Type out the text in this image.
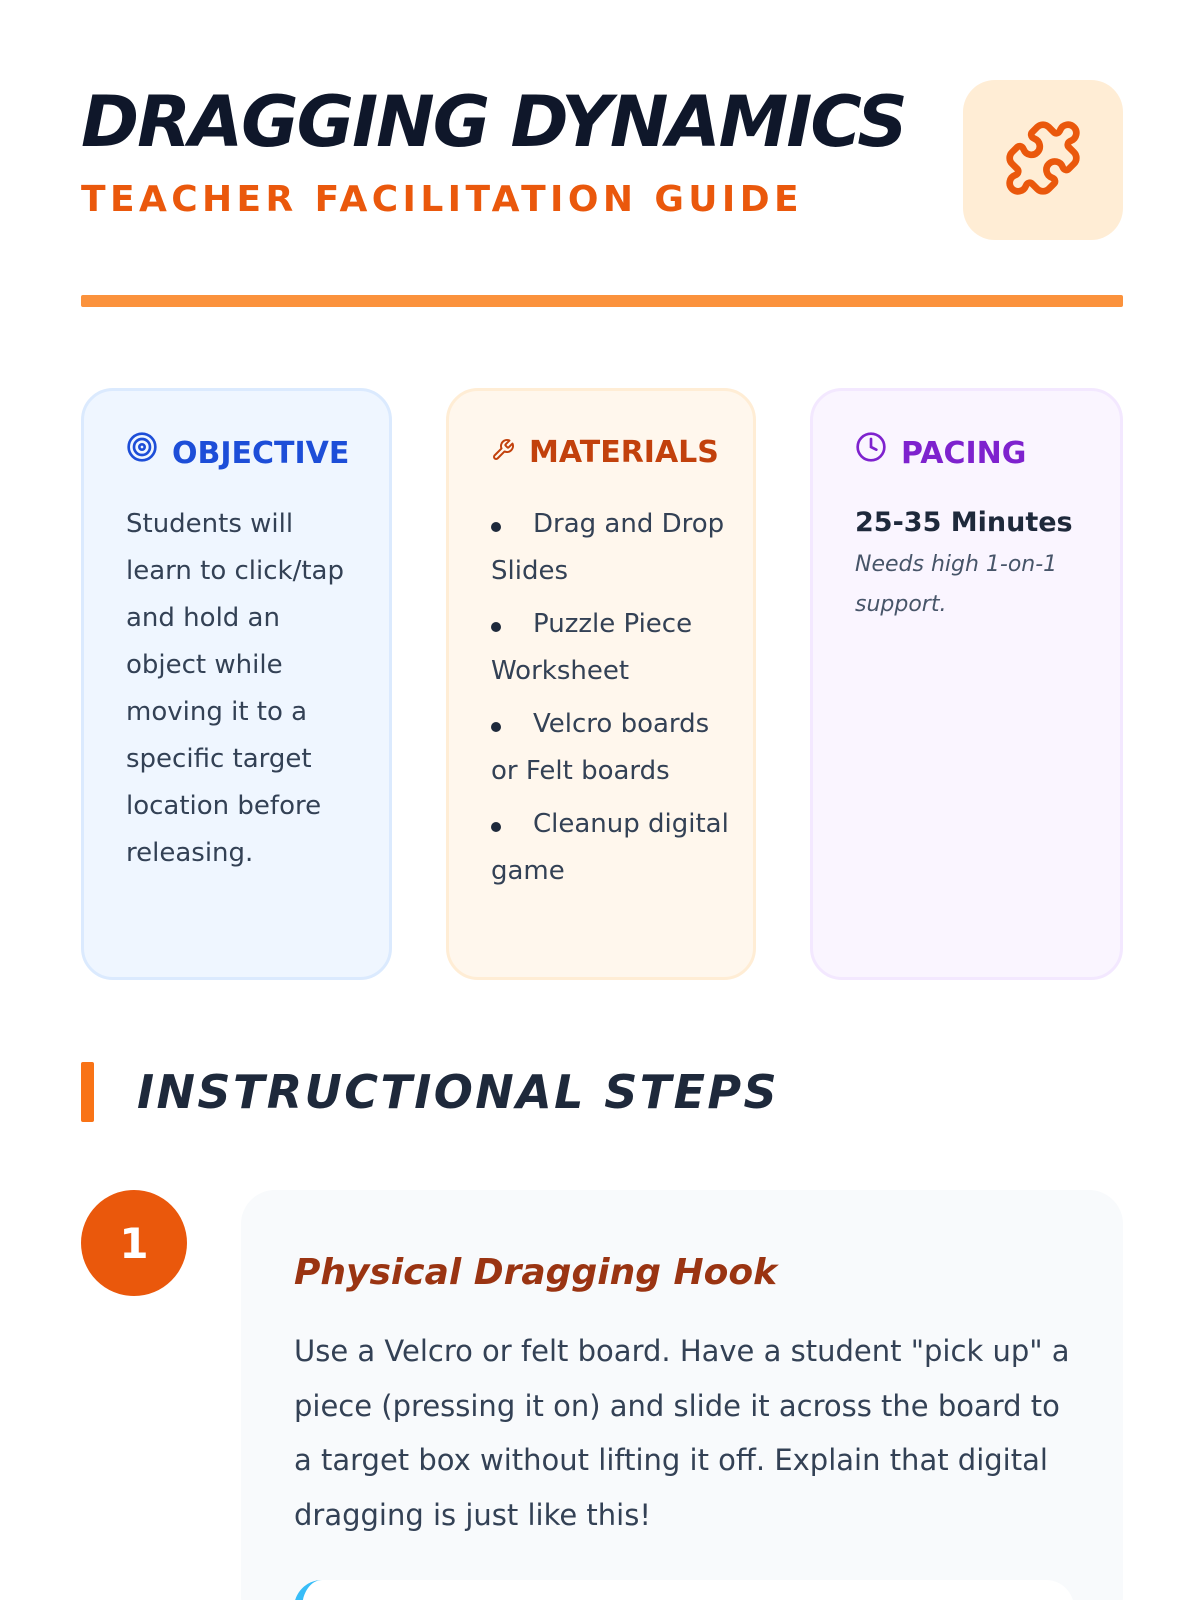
DRAGGING DYNAMICS
TEACHER FACILITATION GUIDE
OBJECTIVE
Students will learn to click/tap and hold an object while moving it to a specific target location before releasing.
MATERIALS
Drag and Drop Slides
Puzzle Piece Worksheet
Velcro boards or Felt boards
Cleanup digital game
PACING
25-35 Minutes
Needs high 1-on-1 support.
INSTRUCTIONAL STEPS
1
Physical Dragging Hook

Use a Velcro or felt board. Have a student "pick up" a piece (pressing it on) and slide it across the board to a target box without lifting it off. Explain that digital dragging is just like this!
